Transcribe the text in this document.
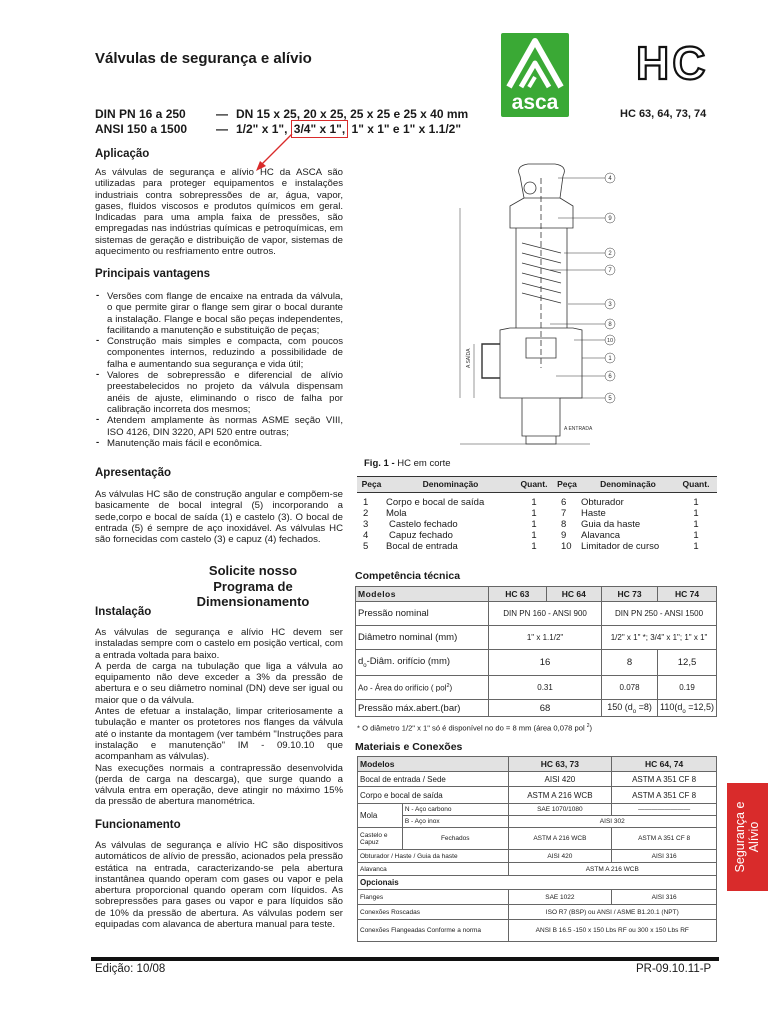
Válvulas de segurança e alívio
asca
HC
DIN PN 16 a 250
ANSI 150 a 1500
—
—
DN 15 x 25, 20 x 25, 25 x 25 e 25 x 40 mm
1/2" x 1", 3/4" x 1", 1" x 1" e 1" x 1.1/2"
HC 63, 64, 73, 74
Aplicação
As válvulas de segurança e alívio HC da ASCA são utilizadas para proteger equipamentos e instalações industriais contra sobrepressões de ar, água, vapor, gases, fluidos viscosos e produtos químicos em geral. Indicadas para uma ampla faixa de pressões, são empregadas nas indústrias químicas e petroquímicas, em sistemas de geração e distribuição de vapor, sistemas de aquecimento ou resfriamento entre outros.
Principais vantagens
- Versões com flange de encaixe na entrada da válvula, o que permite girar o flange sem girar o bocal durante a instalação. Flange e bocal são peças independentes, facilitando a manutenção e substituição de peças;
- Construção mais simples e compacta, com poucos componentes internos, reduzindo a possibilidade de falha e aumentando sua segurança e vida útil;
- Valores de sobrepressão e diferencial de alívio preestabelecidos no projeto da válvula dispensam anéis de ajuste, eliminando o risco de falha por calibração incorreta dos mesmos;
- Atendem amplamente às normas ASME seção VIII, ISO 4126, DIN 3220, API 520 entre outras;
- Manutenção mais fácil e econômica.
Apresentação
As válvulas HC são de construção angular e compõem-se basicamente de bocal integral (5) incorporando a sede,corpo e bocal de saída (1) e castelo (3). O bocal de entrada (5) é sempre de aço inoxidável. As válvulas HC são fornecidas com castelo (3) e capuz (4) fechados.
Solicite nosso
Programa de
Dimensionamento
Instalação

As válvulas de segurança e alívio HC devem ser instaladas sempre com o castelo em posição vertical, com a entrada voltada para baixo.

A perda de carga na tubulação que liga a válvula ao equipamento não deve exceder a 3% da pressão de abertura e o seu diâmetro nominal (DN) deve ser igual ou maior que o da válvula.

Antes de efetuar a instalação, limpar criteriosamente a tubulação e manter os protetores nos flanges da válvula até o instante da montagem (ver também "Instruções para instalação e manutenção" IM - 09.10.10 que acompanham as válvulas).

Nas execuções normais a contrapressão desenvolvida (perda de carga na descarga), que surge quando a válvula entra em operação, deve atingir no máximo 15% da pressão de abertura manométrica.

Funcionamento
As válvulas de segurança e alívio HC são dispositivos automáticos de alívio de pressão, acionados pela pressão estática na entrada, caracterizando-se pela abertura instantânea quando operam com gases ou vapor e pela abertura proporcional quando operam com líquidos. As sobrepressões para gases ou vapor e para líquidos são de 10% da pressão de abertura. As válvulas podem ser equipadas com alavanca de abertura manual para teste.
A SAÍDA
A ENTRADA
4
9
2
7
3
8
10
1
6
5
Fig. 1 - HC em corte
Peça	Denominação	Quant.	Peça	Denominação	Quant.
1	Corpo e bocal de saída	1	6	Obturador	1
2	Mola	1	7	Haste	1
3	Castelo fechado	1	8	Guia da haste	1
4	Capuz fechado	1	9	Alavanca	1
5	Bocal de entrada	1	10	Limitador de curso	1
Competência técnica
Modelos	HC 63	HC 64	HC 73	HC 74
Pressão nominal	DIN PN 160 - ANSI 900		DIN PN 250 - ANSI 1500	
Diâmetro nominal (mm)	1" x 1.1/2"		1/2" x 1" *; 3/4" x 1"; 1" x 1"	
$d_o$-Diâm. orifício (mm)	16		8	12,5
Ao - Área do orifício ( pol$^2$)	0.31		0.078	0.19
Pressão máx.abert.(bar)	68		150 $(d_o =8)$	$110(d_o =12,5)$
* O diâmetro 1/2" x 1" só é disponível no do = 8 mm (área 0,078 pol $^2$)
Materiais e Conexões
Modelos		HC 63, 73	HC 64, 74
Bocal de entrada / Sede		AISI 420	ASTM A 351 CF 8
Corpo e bocal de saída		ASTM A 216 WCB	ASTM A 351 CF 8
Mola	N - Aço carbono	SAE 1070/1080	————————
	B - Aço inox	AISI 302	
Castelo e Capuz	Fechados	ASTM A 216 WCB	ASTM A 351 CF 8
Obturador / Haste / Guia da haste		AISI 420	AISI 316
Alavanca		ASTM A 216 WCB	
Opcionais			
Flanges		SAE 1022	AISI 316
Conexões Roscadas		ISO R7 (BSP) ou ANSI / ASME B1.20.1 (NPT)	
Conexões Flangeadas Conforme a norma		ANSI B 16.5 -150 x 150 Lbs RF ou 300 x 150 Lbs RF	
Segurança e Alívio
Edição: 10/08	PR-09.10.11-P
